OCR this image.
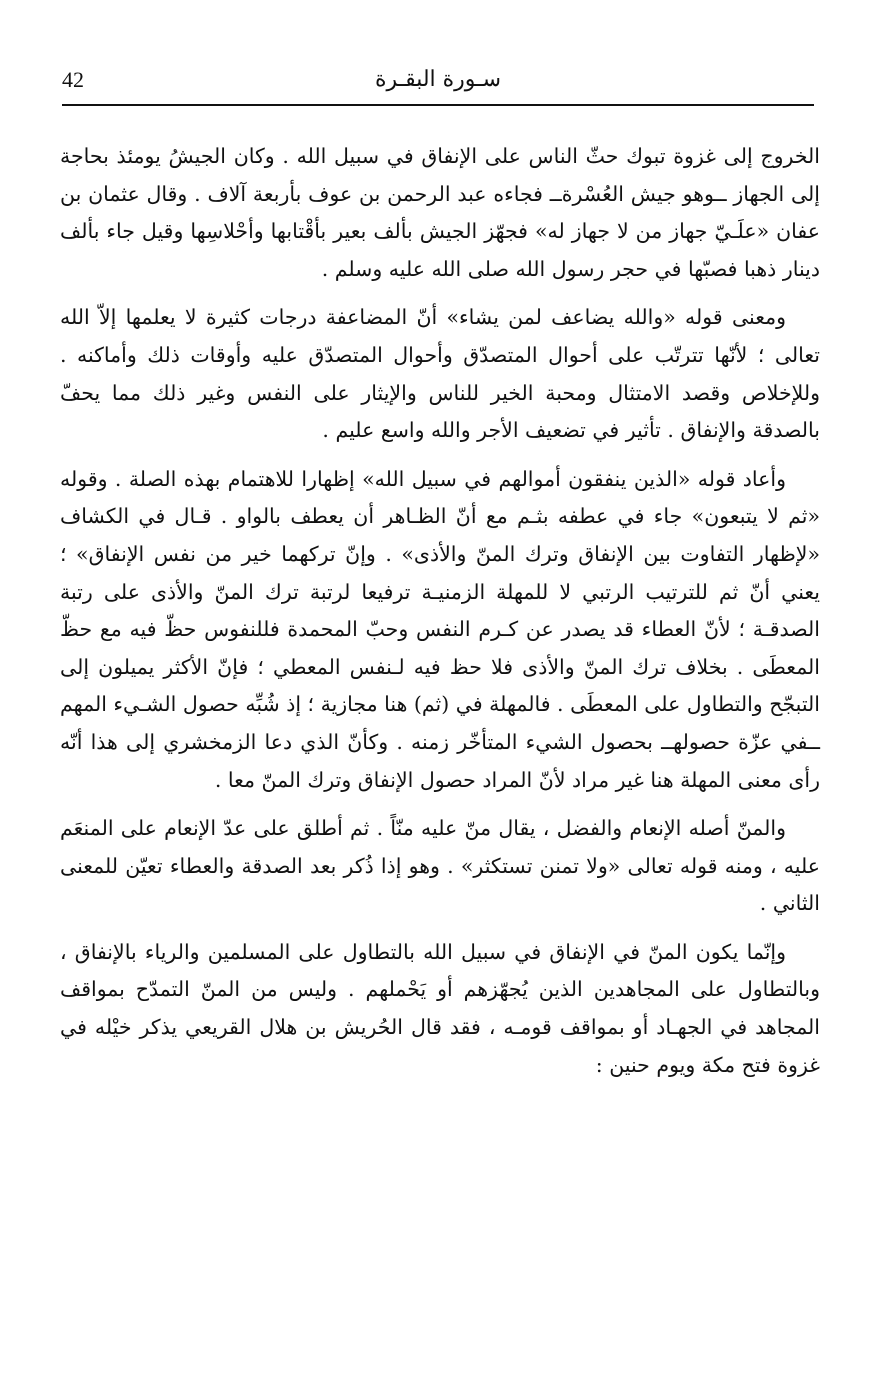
42	سـورة البقـرة

الخروج إلى غزوة تبوك حثّ الناس على الإنفاق في سبيل الله . وكان الجيشُ يومئذ بحاجة إلى الجهاز ــوهو جيش العُسْرةــ فجاءه عبد الرحمن بن عوف بأربعة آلاف . وقال عثمان بن عفان «علَـيّ جهاز من لا جهاز له» فجهّز الجيش بألف بعير بأقْتابها وأحْلاسِها وقيل جاء بألف دينار ذهبا فصبّها في حجر رسول الله صلى الله عليه وسلم .

ومعنى قوله «والله يضاعف لمن يشاء» أنّ المضاعفة درجات كثيرة لا يعلمها إلاّ الله تعالى ؛ لأنّها تترتّب على أحوال المتصدّق وأحوال المتصدّق عليه وأوقات ذلك وأماكنه . وللإخلاص وقصد الامتثال ومحبة الخير للناس والإيثار على النفس وغير ذلك مما يحفّ بالصدقة والإنفاق . تأثير في تضعيف الأجر والله واسع عليم .

وأعاد قوله «الذين ينفقون أموالهم في سبيل الله» إظهارا للاهتمام بهذه الصلة . وقوله «ثم لا يتبعون» جاء في عطفه بثـم مع أنّ الظـاهر أن يعطف بالواو . قـال في الكشاف «لإظهار التفاوت بين الإنفاق وترك المنّ والأذى» . وإنّ تركهما خير من نفس الإنفاق» ؛ يعني أنّ ثم للترتيب الرتبي لا للمهلة الزمنيـة ترفيعا لرتبة ترك المنّ والأذى على رتبة الصدقـة ؛ لأنّ العطاء قد يصدر عن كـرم النفس وحبّ المحمدة فللنفوس حظّ فيه مع حظّ المعطَى . بخلاف ترك المنّ والأذى فلا حظ فيه لـنفس المعطي ؛ فإنّ الأكثر يميلون إلى التبجّح والتطاول على المعطَى . فالمهلة في (ثم) هنا مجازية ؛ إذ شُبِّه حصول الشـيء المهم ــفي عزّة حصولهــ بحصول الشيء المتأخّر زمنه . وكأنّ الذي دعا الزمخشري إلى هذا أنّه رأى معنى المهلة هنا غير مراد لأنّ المراد حصول الإنفاق وترك المنّ معا .

والمنّ أصله الإنعام والفضل ، يقال منّ عليه منّاً . ثم أطلق على عدّ الإنعام على المنعَم عليه ، ومنه قوله تعالى «ولا تمنن تستكثر» . وهو إذا ذُكر بعد الصدقة والعطاء تعيّن للمعنى الثاني .

وإنّما يكون المنّ في الإنفاق في سبيل الله بالتطاول على المسلمين والرياء بالإنفاق ، وبالتطاول على المجاهدين الذين يُجهّزهم أو يَحْملهم . وليس من المنّ التمدّح بمواقف المجاهد في الجهـاد أو بمواقف قومـه ، فقد قال الحُريش بن هلال القريعي يذكر خيْله في غزوة فتح مكة ويوم حنين :
